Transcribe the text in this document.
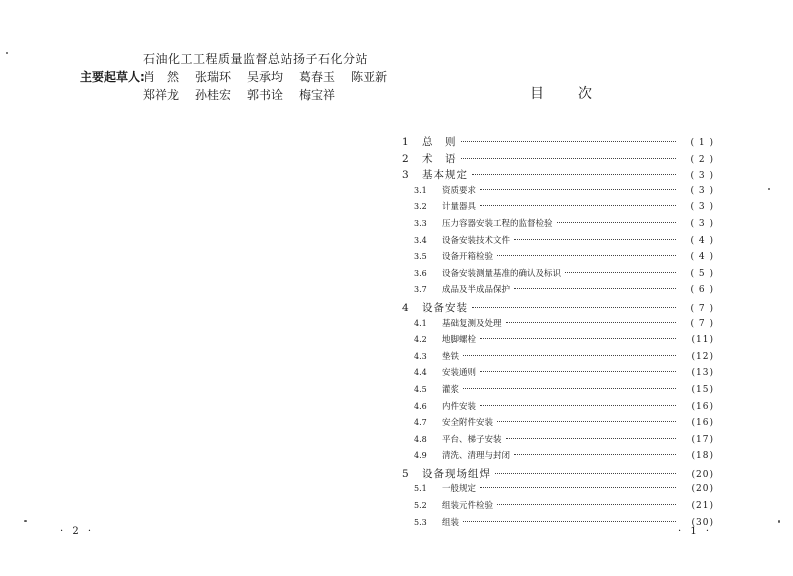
石油化工工程质量监督总站扬子石化分站
主要起草人:
肖　然 张瑞环 吴承均 葛春玉 陈亚新
郑祥龙 孙桂宏 郭书诠 梅宝祥
· 2 ·
目次
1	总　则	( 1 )
2	术　语	( 2 )
3	基本规定	( 3 )
3.1	资质要求	( 3 )
3.2	计量器具	( 3 )
3.3	压力容器安装工程的监督检验	( 3 )
3.4	设备安装技术文件	( 4 )
3.5	设备开箱检验	( 4 )
3.6	设备安装测量基准的确认及标识	( 5 )
3.7	成品及半成品保护	( 6 )
4	设备安装	( 7 )
4.1	基础复测及处理	( 7 )
4.2	地脚螺栓	(11)
4.3	垫铁	(12)
4.4	安装通则	(13)
4.5	灌浆	(15)
4.6	内件安装	(16)
4.7	安全附件安装	(16)
4.8	平台、梯子安装	(17)
4.9	清洗、清理与封闭	(18)
5	设备现场组焊	(20)
5.1	一般规定	(20)
5.2	组装元件检验	(21)
5.3	组装	(30)
· 1 ·
